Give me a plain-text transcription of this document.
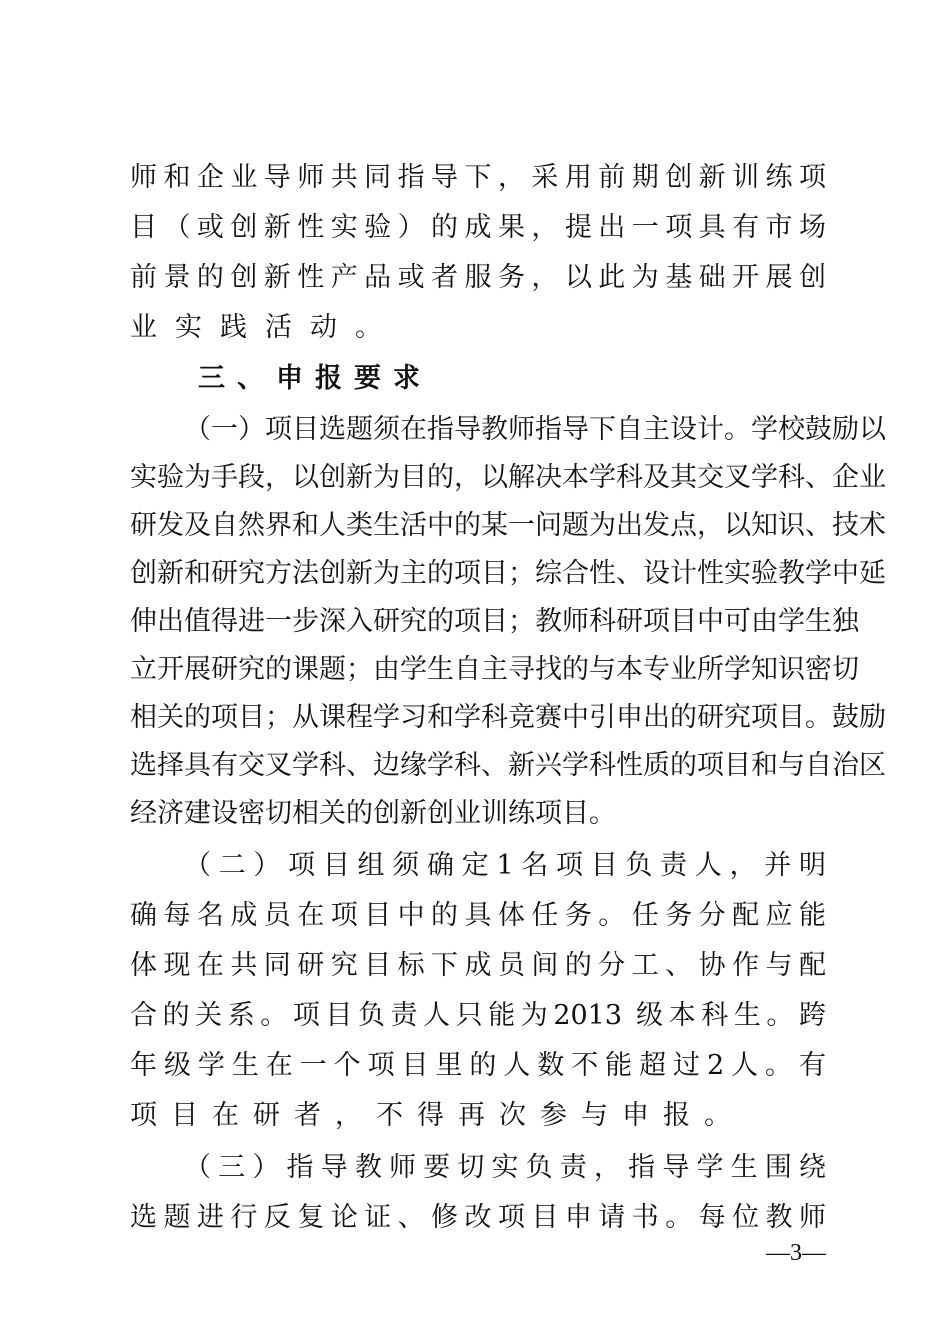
师和企业导师共同指导下，采用前期创新训练项
目（或创新性实验）的成果，提出一项具有市场
前景的创新性产品或者服务，以此为基础开展创
业实践活动。
三、申报要求
（一）项目选题须在指导教师指导下自主设计。学校鼓励以
实验为手段，以创新为目的，以解决本学科及其交叉学科、企业
研发及自然界和人类生活中的某一问题为出发点，以知识、技术
创新和研究方法创新为主的项目；综合性、设计性实验教学中延
伸出值得进一步深入研究的项目；教师科研项目中可由学生独
立开展研究的课题；由学生自主寻找的与本专业所学知识密切
相关的项目；从课程学习和学科竞赛中引申出的研究项目。鼓励
选择具有交叉学科、边缘学科、新兴学科性质的项目和与自治区
经济建设密切相关的创新创业训练项目。
（二）项目组须确定1名项目负责人，并明
确每名成员在项目中的具体任务。任务分配应能
体现在共同研究目标下成员间的分工、协作与配
合的关系。项目负责人只能为2013 级本科生。跨
年级学生在一个项目里的人数不能超过2人。有
项目在研者，不得再次参与申报。
（三）指导教师要切实负责，指导学生围绕
选题进行反复论证、修改项目申请书。每位教师
—3—
